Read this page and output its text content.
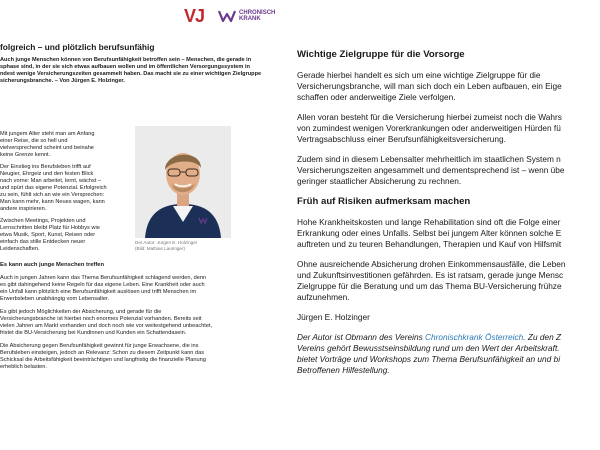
VJ	CHRONISCH
KRANK
folgreich – und plötzlich berufsunfähig

Auch junge Menschen können von Berufsunfähigkeit betroffen sein – Menschen, die gerade in
sphase sind, in der sie sich etwas aufbauen wollen und im öffentlichen Versorgungssystem in
ndest wenige Versicherungszeiten gesammelt haben. Das macht sie zu einer wichtigen Zielgruppe
sicherungsbranche. – Von Jürgen E. Holzinger.

Mit jungem Alter steht man am Anfang
einer Reise, die so hell und
vielversprechend scheint und beinahe
keine Grenze kennt.

Der Einstieg ins Berufsleben trifft auf
Neugier, Ehrgeiz und den festen Blick
nach vorne: Man arbeitet, lernt, wächst –
und spürt das eigene Potenzial. Erfolgreich
zu sein, fühlt sich an wie ein Versprechen:
Man kann mehr, kann Neues wagen, kann
andere inspirieren.

Zwischen Meetings, Projekten und
Lernschritten bleibt Platz für Hobbys wie
etwa Musik, Sport, Kunst, Reisen oder
einfach das stille Entdecken neuer
Leidenschaften.

Der Autor: Jürgen E. Holzinger
(Bild: Mathias Lauringer)
Es kann auch junge Menschen treffen

Auch in jungen Jahren kann das Thema Berufsunfähigkeit schlagend werden, denn
es gibt dahingehend keine Regeln für das eigene Leben. Eine Krankheit oder auch
ein Unfall kann plötzlich eine Berufsunfähigkeit auslösen und trifft Menschen im
Erwerbsleben unabhängig vom Lebensalter.

Es gibt jedoch Möglichkeiten der Absicherung, und gerade für die
Versicherungsbranche ist hierbei noch enormes Potenzial vorhanden. Bereits seit
vielen Jahren am Markt vorhanden und doch noch wie vor weitestgehend unbeachtet,
fristet die BU-Versicherung bei Kundinnen und Kunden ein Schattendasein.

Die Absicherung gegen Berufsunfähigkeit gewinnt für junge Erwachsene, die ins
Berufsleben einsteigen, jedoch an Relevanz: Schon zu diesem Zeitpunkt kann das
Schicksal die Arbeitsfähigkeit beeinträchtigen und langfristig die finanzielle Planung
erheblich belasten.

Wichtige Zielgruppe für die Vorsorge

Gerade hierbei handelt es sich um eine wichtige Zielgruppe für die
Versicherungsbranche, will man sich doch ein Leben aufbauen, ein Eige
schaffen oder anderweitige Ziele verfolgen.

Allen voran besteht für die Versicherung hierbei zumeist noch die Wahrs
von zumindest wenigen Vorerkrankungen oder anderweitigen Hürden fü
Vertragsabschluss einer Berufsunfähigkeitsversicherung.

Zudem sind in diesem Lebensalter mehrheitlich im staatlichen System n
Versicherungszeiten angesammelt und dementsprechend ist – wenn übe
geringer staatlicher Absicherung zu rechnen.

Früh auf Risiken aufmerksam machen

Hohe Krankheitskosten und lange Rehabilitation sind oft die Folge einer
Erkrankung oder eines Unfalls. Selbst bei jungem Alter können solche E
auftreten und zu teuren Behandlungen, Therapien und Kauf von Hilfsmit

Ohne ausreichende Absicherung drohen Einkommensausfälle, die Leben
und Zukunftsinvestitionen gefährden. Es ist ratsam, gerade junge Mensc
Zielgruppe für die Beratung und um das Thema BU-Versicherung frühze
aufzunehmen.

Jürgen E. Holzinger

Der Autor ist Obmann des Vereins Chronischkrank Österreich. Zu den Z
Vereins gehört Bewusstseinsbildung rund um den Wert der Arbeitskraft.
bietet Vorträge und Workshops zum Thema Berufsunfähigkeit an und bi
Betroffenen Hilfestellung.
